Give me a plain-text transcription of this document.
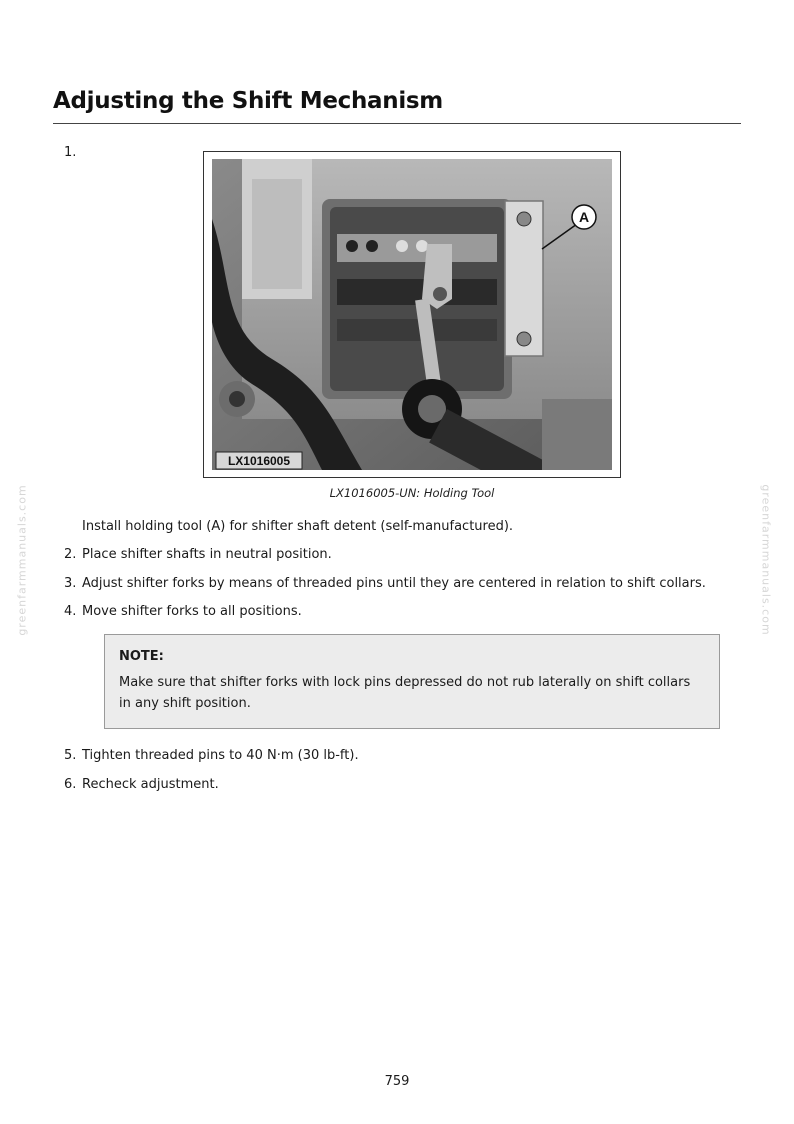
Adjusting the Shift Mechanism
1.
A
LX1016005
LX1016005-UN: Holding Tool
Install holding tool (A) for shifter shaft detent (self-manufactured).
2. Place shifter shafts in neutral position.
3. Adjust shifter forks by means of threaded pins until they are centered in relation to shift collars.
4. Move shifter forks to all positions.
NOTE:
Make sure that shifter forks with lock pins depressed do not rub laterally on shift collars in any shift position.
5. Tighten threaded pins to 40 N·m (30 lb-ft).
6. Recheck adjustment.
greenfarmmanuals.com	greenfarmmanuals.com
759
